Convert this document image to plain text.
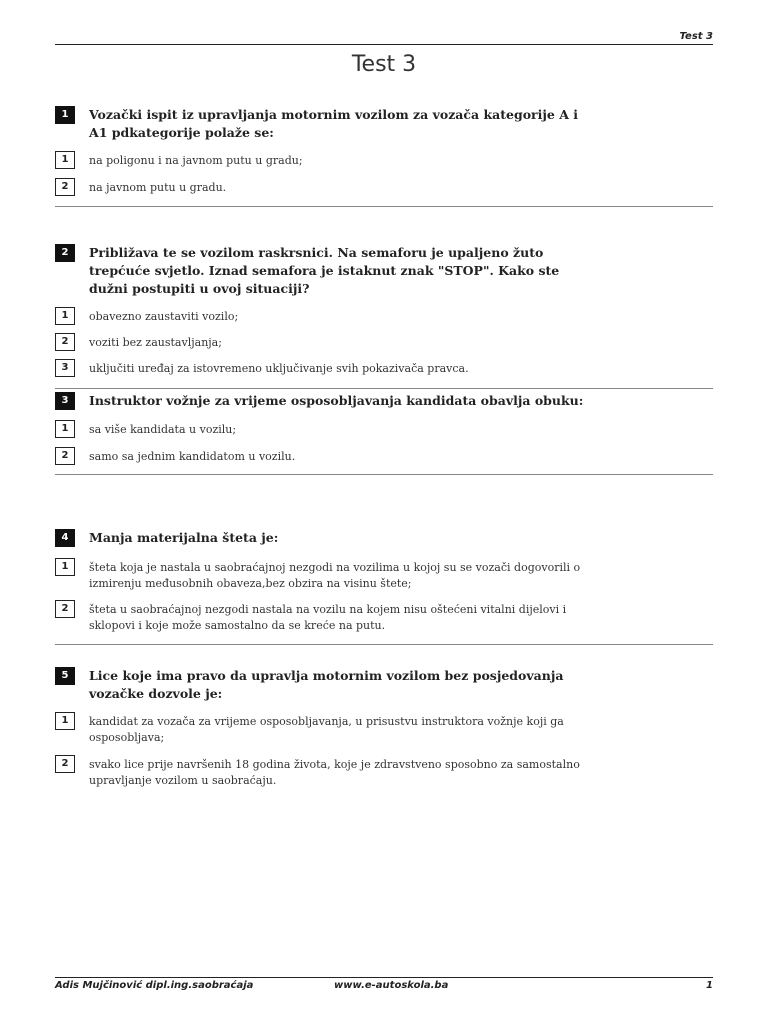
Test 3
Test 3
1	Vozački ispit iz upravljanja motornim vozilom za vozača kategorije A i A1 pdkategorije polaže se:
1	na poligonu i na javnom putu u gradu;
2	na javnom putu u gradu.
2	Približava te se vozilom raskrsnici. Na semaforu je upaljeno žuto trepćuće svjetlo. Iznad semafora je istaknut znak "STOP". Kako ste dužni postupiti u ovoj situaciji?
1	obavezno zaustaviti vozilo;
2	voziti bez zaustavljanja;
3	uključiti uređaj za istovremeno uključivanje svih pokazivača pravca.
3	Instruktor vožnje za vrijeme osposobljavanja kandidata obavlja obuku:
1	sa više kandidata u vozilu;
2	samo sa jednim kandidatom u vozilu.
4	Manja materijalna šteta je:
1	šteta koja je nastala u saobraćajnoj nezgodi na vozilima u kojoj su se vozači dogovorili o izmirenju međusobnih obaveza,bez obzira na visinu štete;
2	šteta u saobraćajnoj nezgodi nastala na vozilu na kojem nisu oštećeni vitalni dijelovi i sklopovi i koje može samostalno da se kreće na putu.
5	Lice koje ima pravo da upravlja motornim vozilom bez posjedovanja vozačke dozvole je:
1	kandidat za vozača za vrijeme osposobljavanja, u prisustvu instruktora vožnje koji ga osposobljava;
2	svako lice prije navršenih 18 godina života, koje je zdravstveno sposobno za samostalno upravljanje vozilom u saobraćaju.
Adis Mujčinović dipl.ing.saobraćaja	www.e-autoskola.ba	1
